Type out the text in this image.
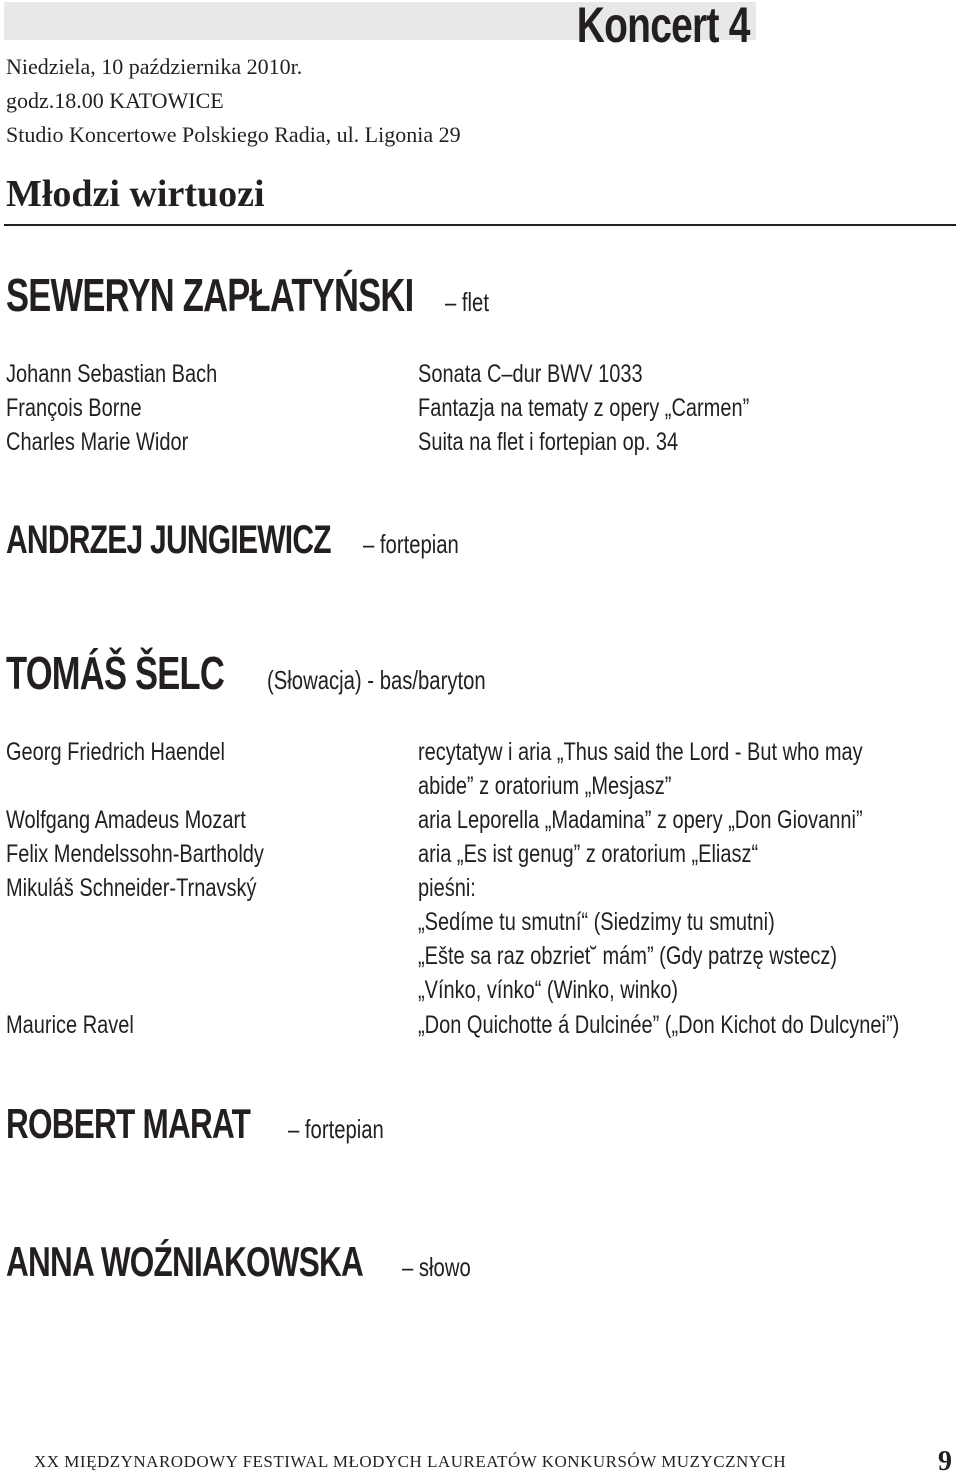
Koncert 4
Niedziela, 10 października 2010r.
godz.18.00 KATOWICE
Studio Koncertowe Polskiego Radia, ul. Ligonia 29
Młodzi wirtuozi
SEWERYN ZAPŁATYŃSKI – flet
Johann Sebastian Bach	Sonata C–dur BWV 1033
François Borne	Fantazja na tematy z opery „Carmen”
Charles Marie Widor	Suita na flet i fortepian op. 34
ANDRZEJ JUNGIEWICZ – fortepian
TOMÁŠ ŠELC (Słowacja) - bas/baryton
Georg Friedrich Haendel	recytatyw i aria „Thus said the Lord - But who may
abide” z oratorium „Mesjasz”
Wolfgang Amadeus Mozart	aria Leporella „Madamina” z opery „Don Giovanni”
Felix Mendelssohn-Bartholdy	aria „Es ist genug” z oratorium „Eliasz“
Mikuláš Schneider-Trnavský	pieśni:
„Sedíme tu smutní“ (Siedzimy tu smutni)
„Ešte sa raz obzriet˘ mám” (Gdy patrzę wstecz)
„Vínko, vínko“ (Winko, winko)
Maurice Ravel	„Don Quichotte á Dulcinée” („Don Kichot do Dulcynei”)
ROBERT MARAT – fortepian
ANNA WOŹNIAKOWSKA – słowo
XX MIĘDZYNARODOWY FESTIWAL MŁODYCH LAUREATÓW KONKURSÓW MUZYCZNYCH	9
